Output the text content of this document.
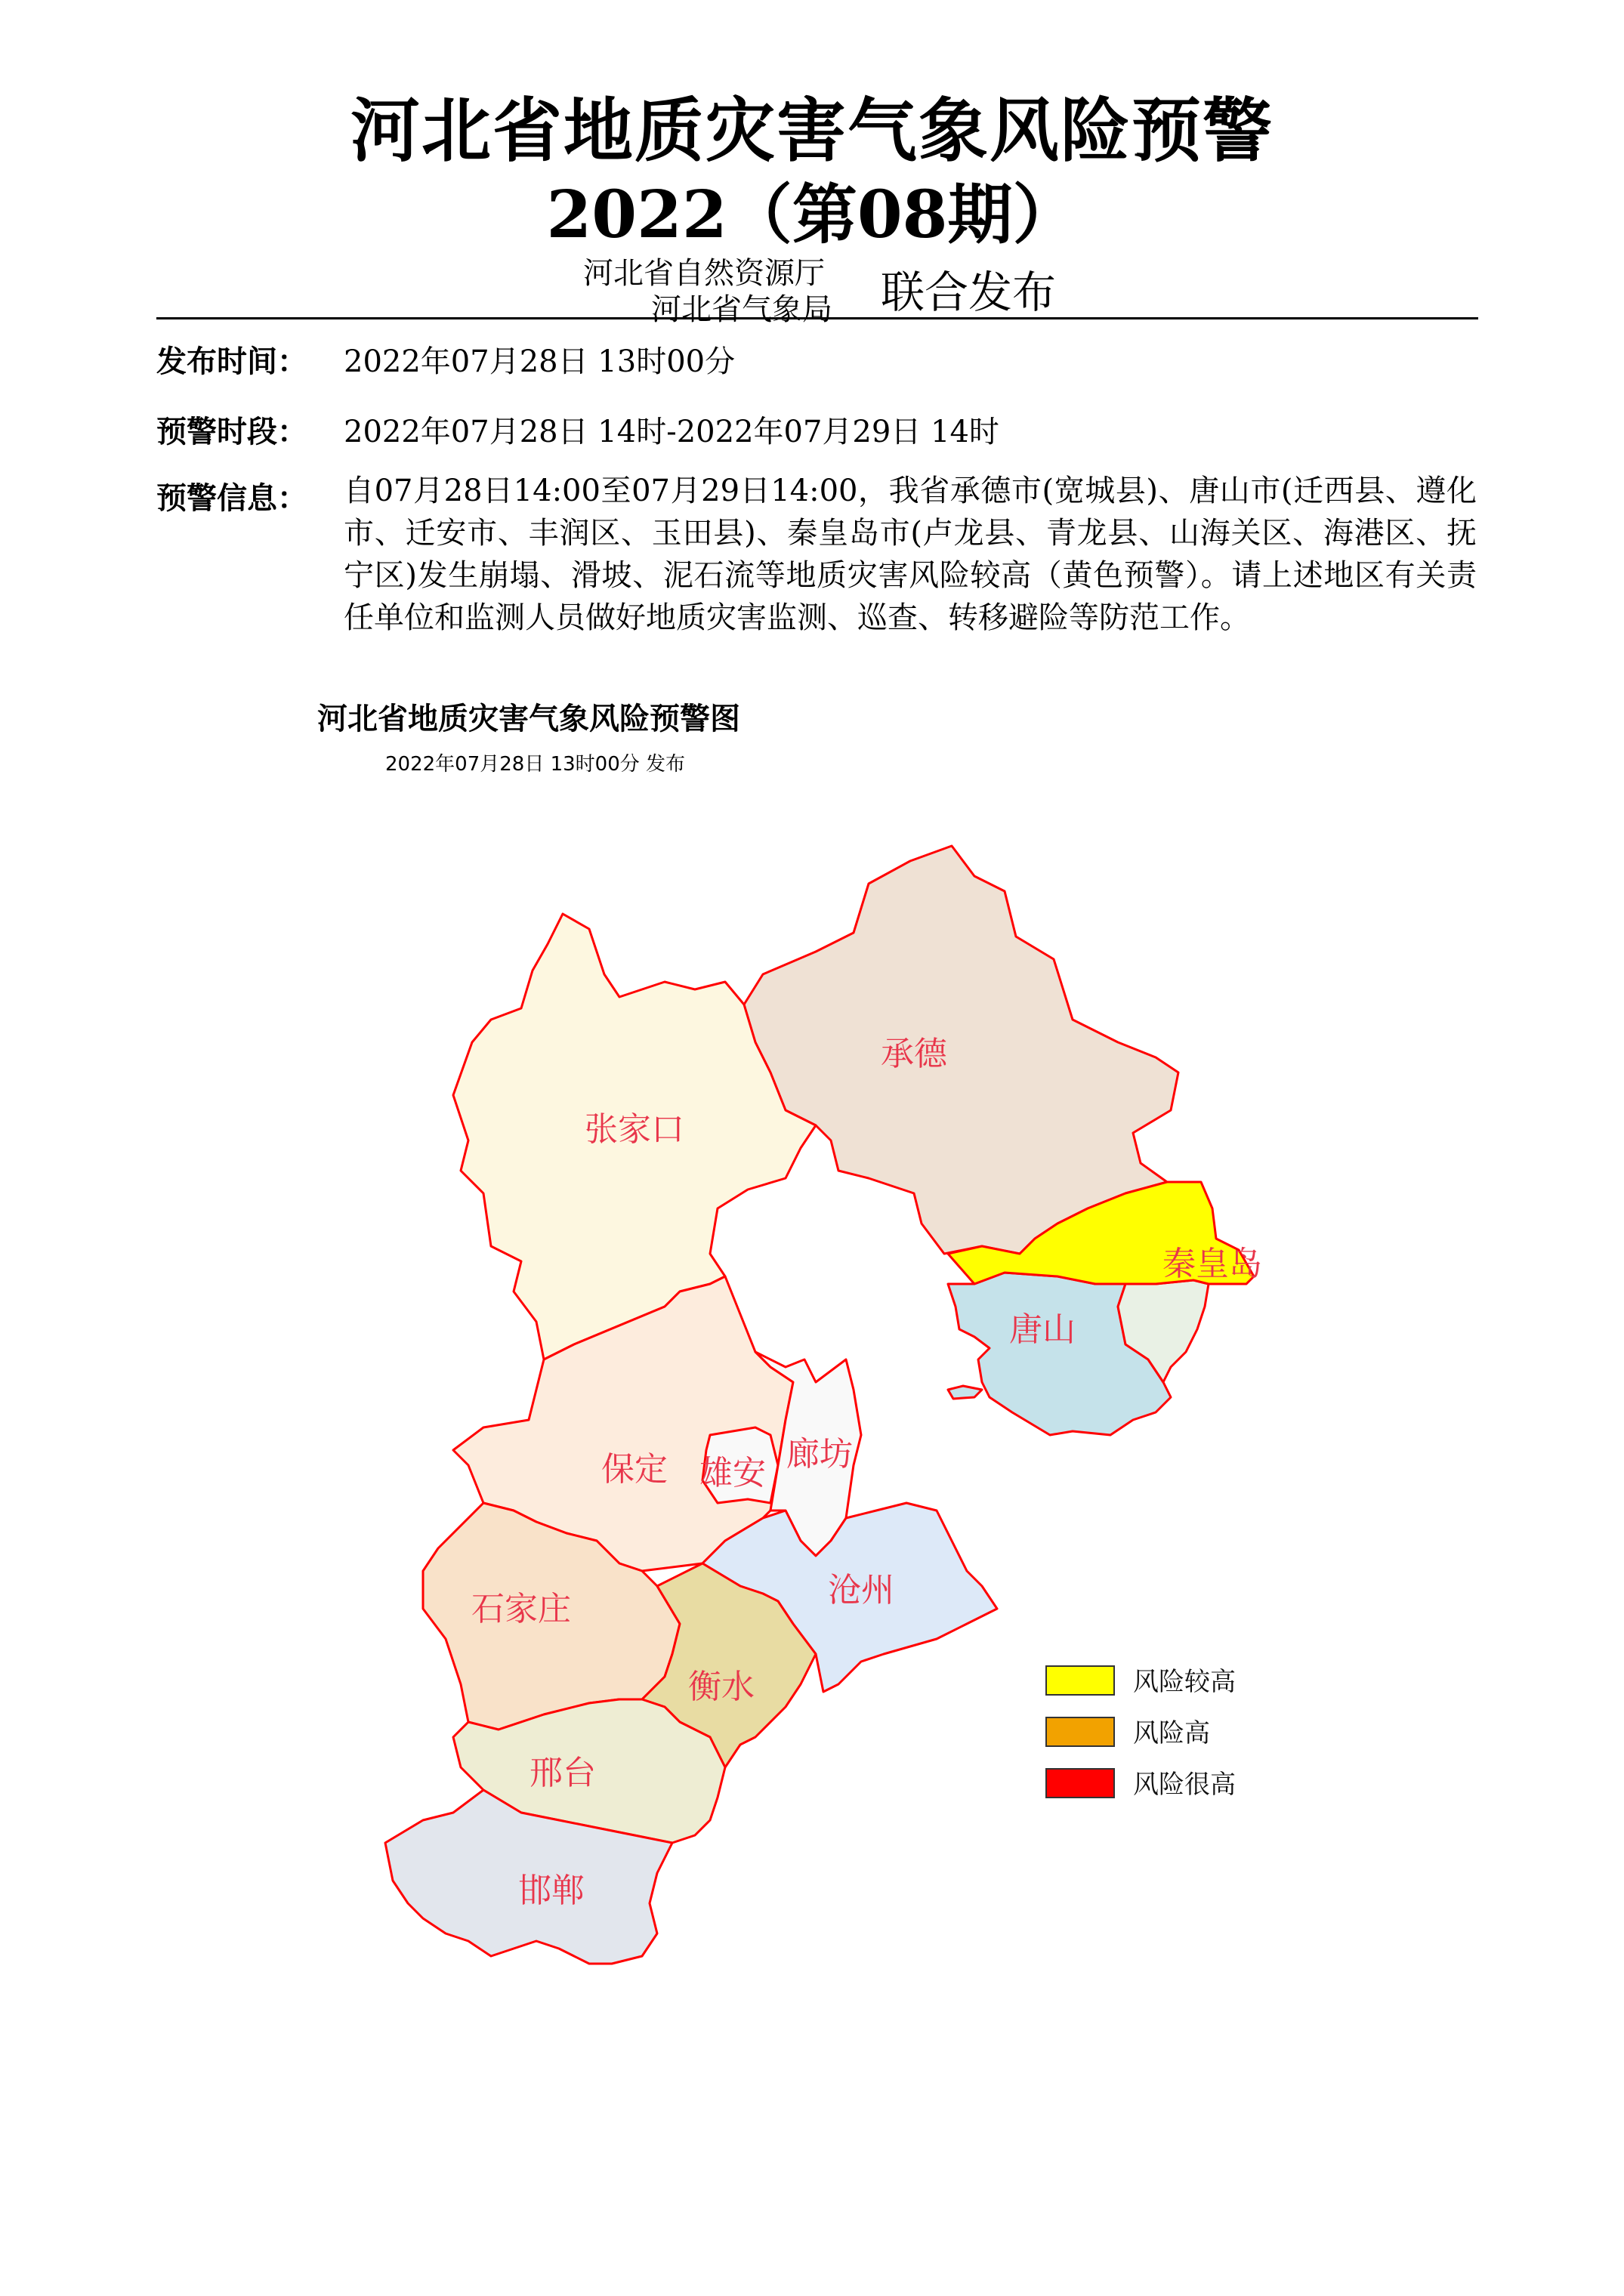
河北省地质灾害气象风险预警
2022（第08期）
河北省自然资源厅
河北省气象局 联合发布
发布时间： 2022年07月28日 13时00分
预警时段： 2022年07月28日 14时-2022年07月29日 14时
预警信息： 自07月28日14:00至07月29日14:00，我省承德市(宽城县)、唐山市(迁西县、遵化市、迁安市、丰润区、玉田县)、秦皇岛市(卢龙县、青龙县、山海关区、海港区、抚宁区)发生崩塌、滑坡、泥石流等地质灾害风险较高（黄色预警）。请上述地区有关责任单位和监测人员做好地质灾害监测、巡查、转移避险等防范工作。
河北省地质灾害气象风险预警图
2022年07月28日 13时00分 发布
张家口
承德
秦皇岛
唐山
保定 雄安 廊坊
石家庄	沧州
衡水
邢台
邯郸
风险较高
风险高
风险很高
